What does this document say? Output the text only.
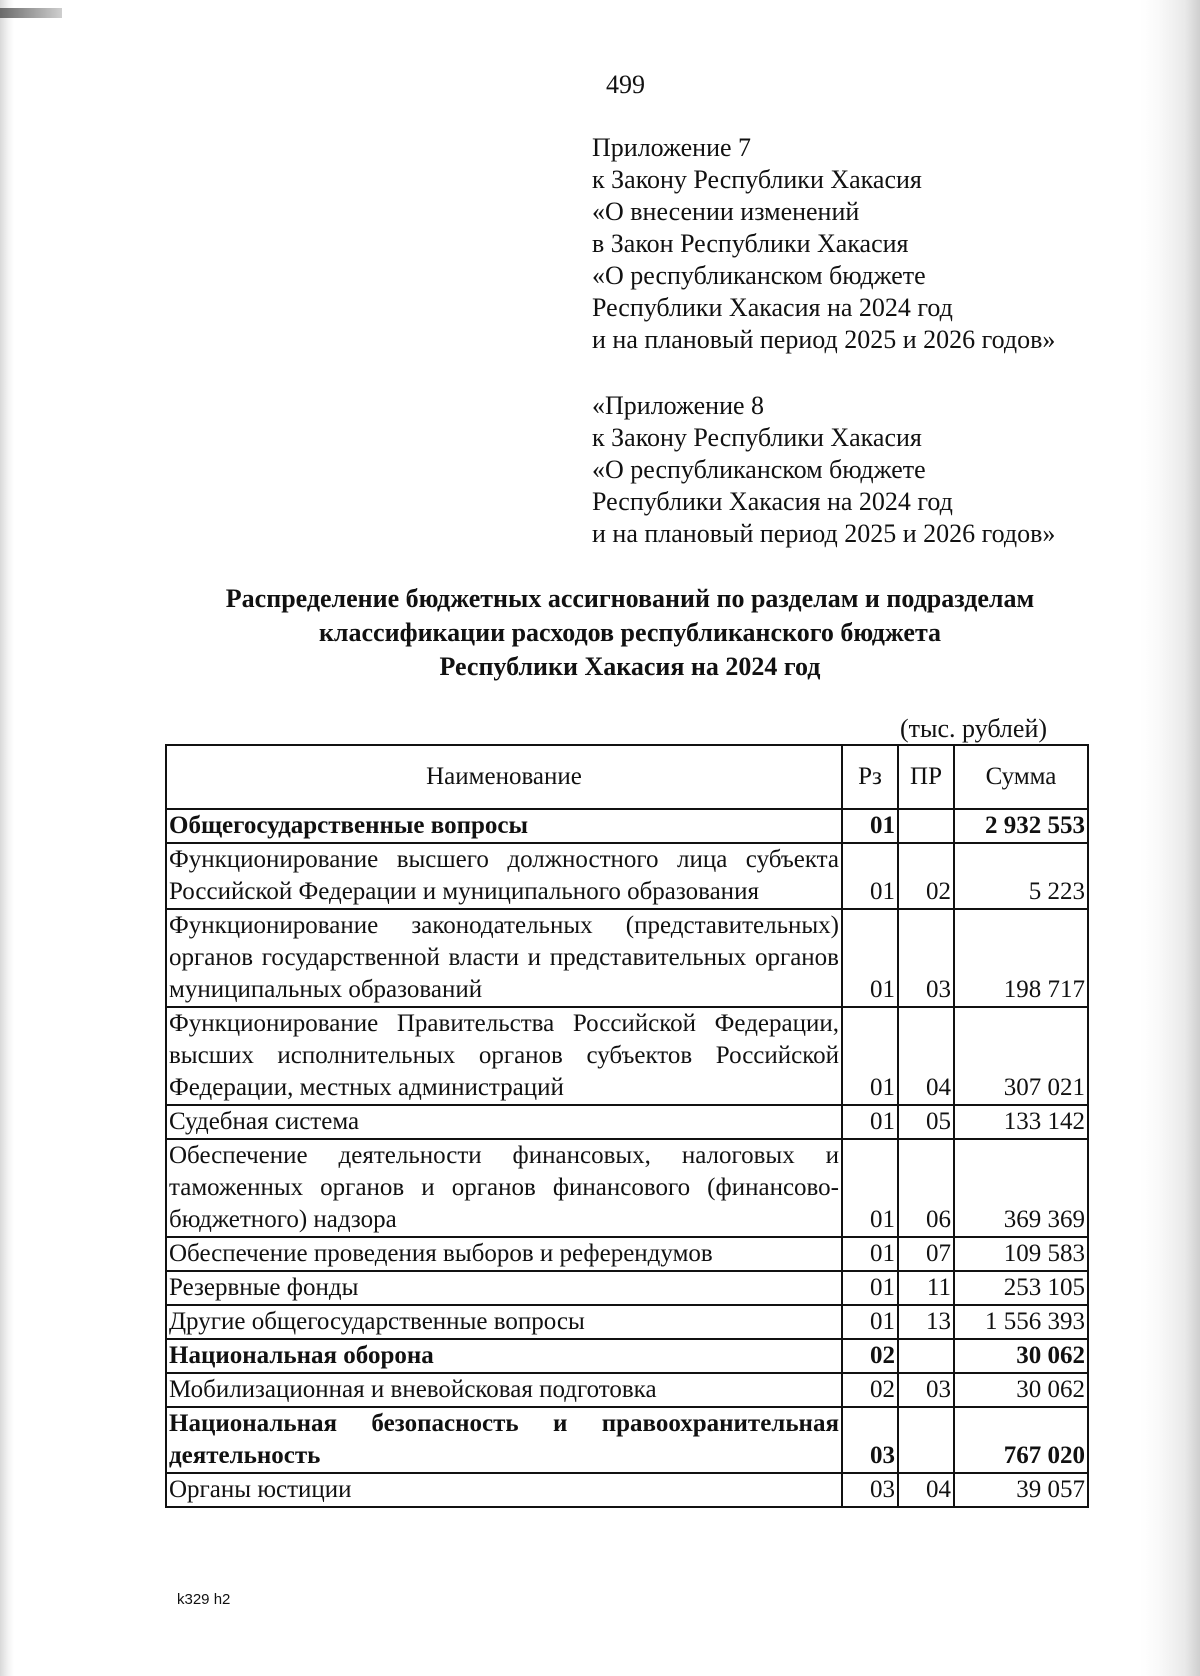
499
Приложение 7
к Закону Республики Хакасия
«О внесении изменений
в Закон Республики Хакасия
«О республиканском бюджете
Республики Хакасия на 2024 год
и на плановый период 2025 и 2026 годов»
«Приложение 8
к Закону Республики Хакасия
«О республиканском бюджете
Республики Хакасия на 2024 год
и на плановый период 2025 и 2026 годов»
Распределение бюджетных ассигнований по разделам и подразделам
классификации расходов республиканского бюджета
Республики Хакасия на 2024 год
(тыс. рублей)
Наименование	Рз	ПР	Сумма
Общегосударственные вопросы	01		2 932 553
Функционирование высшего должностного лица субъекта Российской Федерации и муниципального образования	01	02	5 223
Функционирование законодательных (представительных) органов государственной власти и представительных органов муниципальных образований	01	03	198 717
Функционирование Правительства Российской Федерации, высших исполнительных органов субъектов Российской Федерации, местных администраций	01	04	307 021
Судебная система	01	05	133 142
Обеспечение деятельности финансовых, налоговых и таможенных органов и органов финансового (финансово-бюджетного) надзора	01	06	369 369
Обеспечение проведения выборов и референдумов	01	07	109 583
Резервные фонды	01	11	253 105
Другие общегосударственные вопросы	01	13	1 556 393
Национальная оборона	02		30 062
Мобилизационная и вневойсковая подготовка	02	03	30 062
Национальная безопасность и правоохранительная деятельность	03		767 020
Органы юстиции	03	04	39 057
k329 h2
